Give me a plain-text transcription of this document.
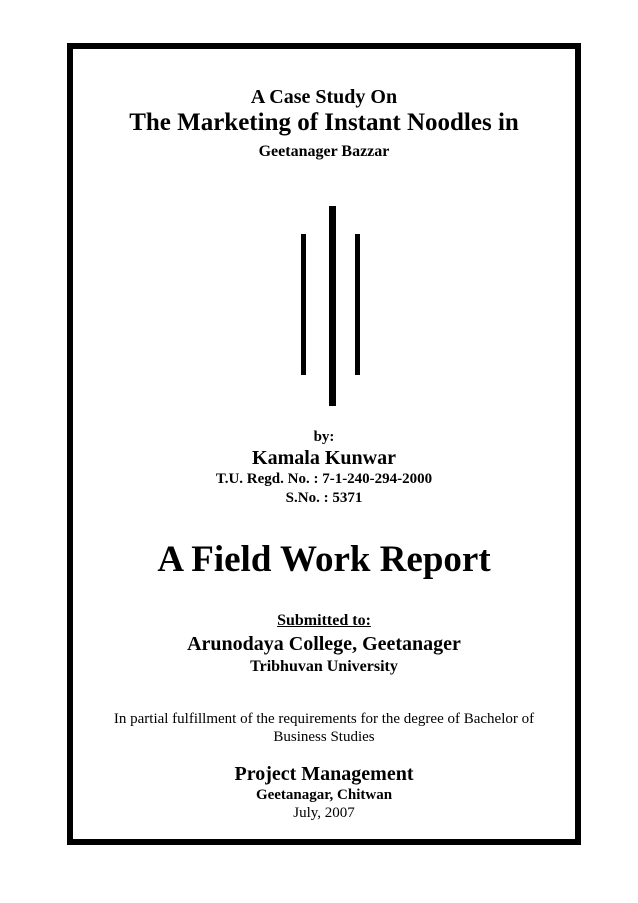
A Case Study On
The Marketing of Instant Noodles in
Geetanager Bazzar
by:
Kamala Kunwar
T.U. Regd. No. : 7-1-240-294-2000
S.No. : 5371
A Field Work Report
Submitted to:
Arunodaya College, Geetanager
Tribhuvan University
In partial fulfillment of the requirements for the degree of Bachelor of
Business Studies
Project Management
Geetanagar, Chitwan
July, 2007
